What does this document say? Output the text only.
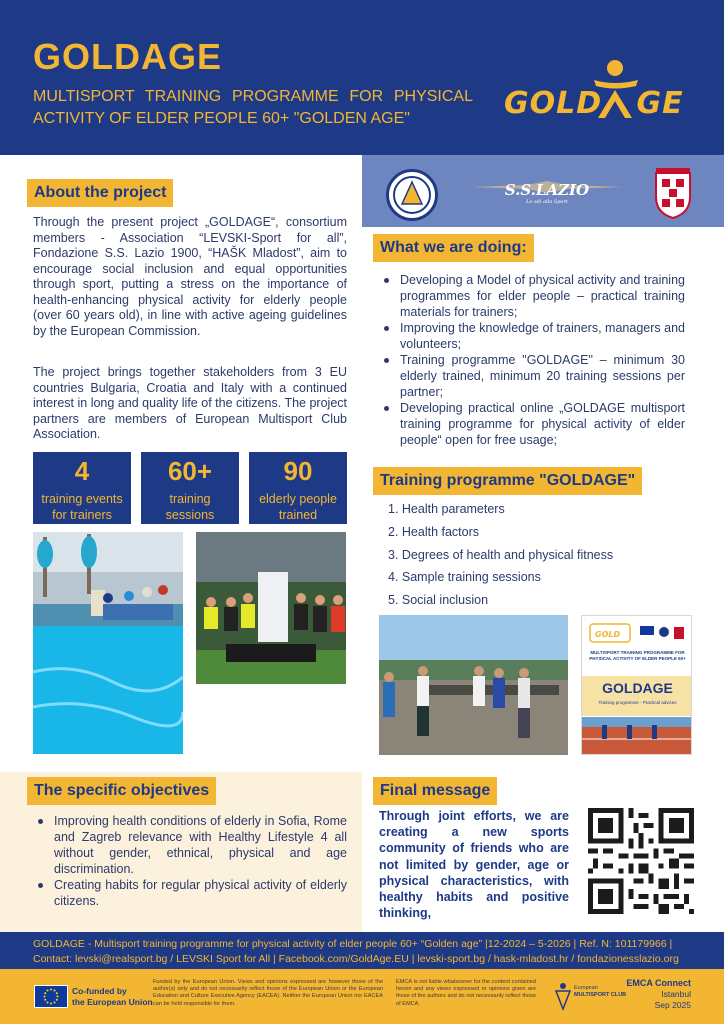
GOLDAGE
MULTISPORT TRAINING PROGRAMME FOR PHYSICAL ACTIVITY OF ELDER PEOPLE 60+ "GOLDEN AGE"	GOLD   GE
S.S.LAZIO
Lo sdi alla Sport
About the project
Through the present project „GOLDAGE“, consortium members - Association “LEVSKI-Sport for all”, Fondazione S.S. Lazio 1900, “HAŠK Mladost”, aim to encourage social inclusion and equal opportunities through sport, putting a stress on the importance of health-enhancing physical activity for elderly people (over 60 years old), in line with active ageing guidelines by the European Commission.
The project brings together stakeholders from 3 EU countries Bulgaria, Croatia and Italy with a continued interest in long and quality life of the citizens. The project partners are members of European Multisport Club Association.
4
training events for trainers
60+
training sessions
90
elderly people trained
What we are doing:
Developing a Model of physical activity and training programmes for elder people – practical training materials for trainers;
Improving the knowledge of trainers, managers and volunteers;
Training programme "GOLDAGE" – minimum 30 elderly trained, minimum 20 training sessions per partner;
Developing practical online „GOLDAGE multisport training programme for physical activity of elder people“ open for free usage;
Training programme "GOLDAGE"
1. Health parameters
2. Health factors
3. Degrees of health and physical fitness
4. Sample training sessions
5. Social inclusion
GOLD
MULTISPORT TRAINING PROGRAMME FOR PHYSICAL ACTIVITY OF ELDER PEOPLE 60+
GOLDAGE
Training programme - Practical advices
The specific objectives
Improving health conditions of elderly in Sofia, Rome and Zagreb relevance with Healthy Lifestyle 4 all without gender, ethnical, physical and age discrimination.
Creating habits for regular physical activity of elderly citizens.
Final message
Through joint efforts, we are creating a new sports community of friends who are not limited by gender, age or physical characteristics, with healthy habits and positive thinking,
GOLDAGE - Multisport training programme for physical activity of elder people 60+ “Golden age” |12-2024 – 5-2026 | Ref. N: 101179966 |
Contact: levski@realsport.bg / LEVSKI Sport for All | Facebook.com/GoldAge.EU | levski-sport.bg / hask-mladost.hr / fondazionesslazio.org
Co-funded by
the European Union
Funded by the European Union. Views and opinions expressed are however those of the author(s) only and do not necessarily reflect those of the European Union or the European Education and Culture Executive Agency (EACEA). Neither the European Union nor EACEA can be held responsible for them.
EMCA is not liable whatsoever for the content contained herein and any views expressed or opinions given are those of the authors and do not necessarily reflect those of EMCA.
European
MULTISPORT CLUB
EMCA Connect
Istanbul
Sep 2025
